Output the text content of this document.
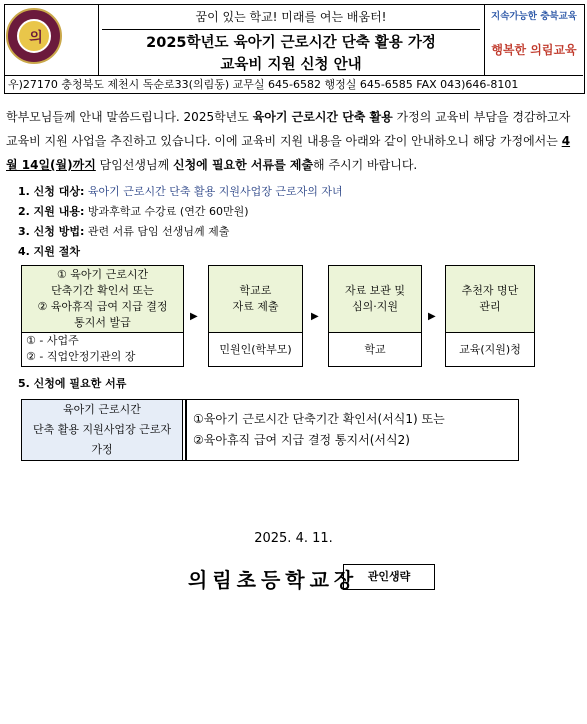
의
꿈이 있는 학교! 미래를 여는 배움터!
2025학년도 육아기 근로시간 단축 활용 가정
교육비 지원 신청 안내
지속가능한 충북교육
행복한 의림교육
우)27170 충청북도 제천시 독순로33(의림동) 교무실 645-6582 행정실 645-6585 FAX 043)646-8101
학부모님들께 안내 말씀드립니다. 2025학년도 육아기 근로시간 단축 활용 가정의 교육비 부담을 경감하고자 교육비 지원 사업을 추진하고 있습니다. 이에 교육비 지원 내용을 아래와 같이 안내하오니 해당 가정에서는 4월 14일(월)까지 담임선생님께 신청에 필요한 서류를 제출해 주시기 바랍니다.
1. 신청 대상: 육아기 근로시간 단축 활용 지원사업장 근로자의 자녀
2. 지원 내용: 방과후학교 수강료 (연간 60만원)
3. 신청 방법: 관련 서류 담임 선생님께 제출
4. 지원 절차
① 육아기 근로시간
단축기간 확인서 또는
② 육아휴직 급여 지급 결정
통지서 발급
① - 사업주
② - 직업안정기관의 장
▶
학교로
자료 제출
민원인(학부모)
▶
자료 보관 및
심의·지원
학교
▶
추천자 명단
관리
교육(지원)청
5. 신청에 필요한 서류
육아기 근로시간
단축 활용 지원사업장 근로자
가정
①육아기 근로시간 단축기간 확인서(서식1) 또는
②육아휴직 급여 지급 결정 통지서(서식2)
2025. 4. 11.
의림초등학교장 관인생략
